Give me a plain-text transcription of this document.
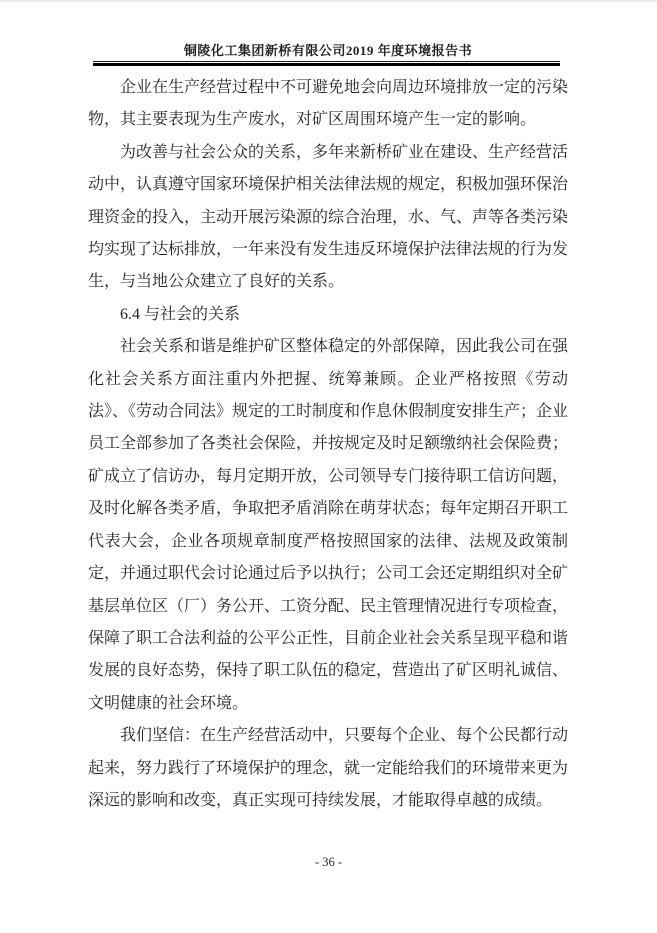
铜陵化工集团新桥有限公司2019 年度环境报告书

企业在生产经营过程中不可避免地会向周边环境排放一定的污染物，其主要表现为生产废水，对矿区周围环境产生一定的影响。

为改善与社会公众的关系，多年来新桥矿业在建设、生产经营活动中，认真遵守国家环境保护相关法律法规的规定，积极加强环保治理资金的投入，主动开展污染源的综合治理，水、气、声等各类污染均实现了达标排放，一年来没有发生违反环境保护法律法规的行为发生，与当地公众建立了良好的关系。

6.4 与社会的关系

社会关系和谐是维护矿区整体稳定的外部保障，因此我公司在强化社会关系方面注重内外把握、统筹兼顾。企业严格按照《劳动法》、《劳动合同法》规定的工时制度和作息休假制度安排生产；企业员工全部参加了各类社会保险，并按规定及时足额缴纳社会保险费；矿成立了信访办，每月定期开放，公司领导专门接待职工信访问题，及时化解各类矛盾，争取把矛盾消除在萌芽状态；每年定期召开职工代表大会，企业各项规章制度严格按照国家的法律、法规及政策制定，并通过职代会讨论通过后予以执行；公司工会还定期组织对全矿基层单位区（厂）务公开、工资分配、民主管理情况进行专项检查，保障了职工合法利益的公平公正性，目前企业社会关系呈现平稳和谐发展的良好态势，保持了职工队伍的稳定，营造出了矿区明礼诚信、文明健康的社会环境。

我们坚信：在生产经营活动中，只要每个企业、每个公民都行动起来，努力践行了环境保护的理念，就一定能给我们的环境带来更为深远的影响和改变，真正实现可持续发展，才能取得卓越的成绩。

- 36 -
